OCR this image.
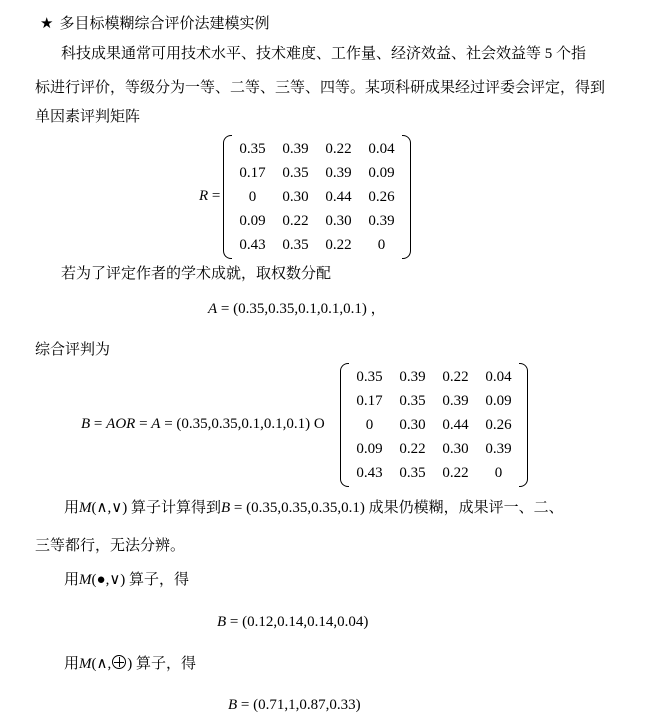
★ 多目标模糊综合评价法建模实例
科技成果通常可用技术水平、技术难度、工作量、经济效益、社会效益等 5 个指
标进行评价，等级分为一等、二等、三等、四等。某项科研成果经过评委会评定，得到
单因素评判矩阵
R =
0.35	0.39	0.22	0.04
0.17	0.35	0.39	0.09
0	0.30	0.44	0.26
0.09	0.22	0.30	0.39
0.43	0.35	0.22	0
若为了评定作者的学术成就，取权数分配
A = (0.35,0.35,0.1,0.1,0.1) ，
综合评判为
B = AOR = A = (0.35,0.35,0.1,0.1,0.1) O
0.35	0.39	0.22	0.04
0.17	0.35	0.39	0.09
0	0.30	0.44	0.26
0.09	0.22	0.30	0.39
0.43	0.35	0.22	0
用M(∧,∨) 算子计算得到B = (0.35,0.35,0.35,0.1) 成果仍模糊，成果评一、二、
三等都行，无法分辨。
用M(●,∨) 算子，得
B = (0.12,0.14,0.14,0.04)
用M(∧, ) 算子，得
B = (0.71,1,0.87,0.33)
